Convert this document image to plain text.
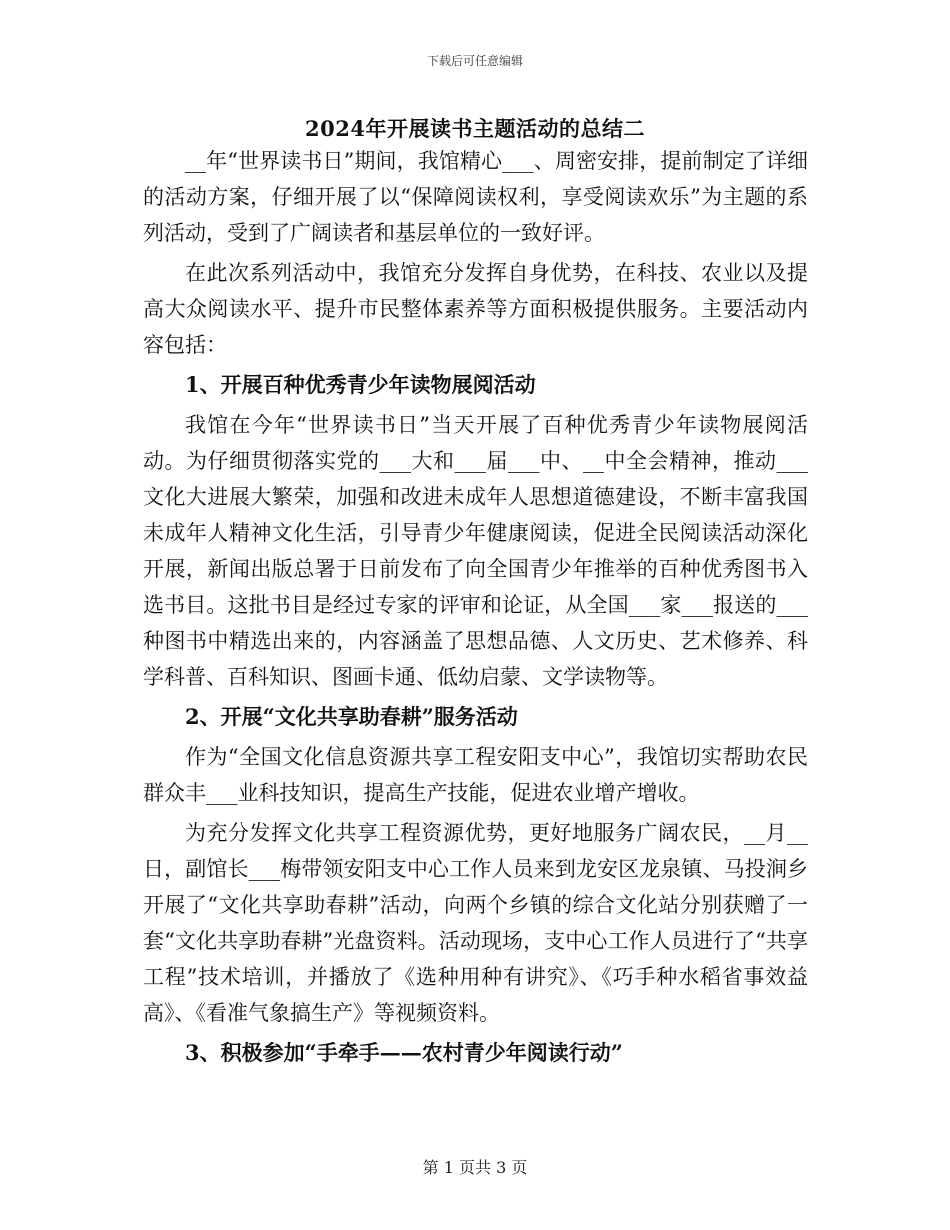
下载后可任意编辑
2024年开展读书主题活动的总结二

__年“世界读书日”期间，我馆精心___、周密安排，提前制定了详细的活动方案，仔细开展了以“保障阅读权利，享受阅读欢乐”为主题的系列活动，受到了广阔读者和基层单位的一致好评。

在此次系列活动中，我馆充分发挥自身优势，在科技、农业以及提高大众阅读水平、提升市民整体素养等方面积极提供服务。主要活动内容包括：

1、开展百种优秀青少年读物展阅活动

我馆在今年“世界读书日”当天开展了百种优秀青少年读物展阅活动。为仔细贯彻落实党的___大和___届___中、__中全会精神，推动___文化大进展大繁荣，加强和改进未成年人思想道德建设，不断丰富我国未成年人精神文化生活，引导青少年健康阅读，促进全民阅读活动深化开展，新闻出版总署于日前发布了向全国青少年推举的百种优秀图书入选书目。这批书目是经过专家的评审和论证，从全国___家___报送的___种图书中精选出来的，内容涵盖了思想品德、人文历史、艺术修养、科学科普、百科知识、图画卡通、低幼启蒙、文学读物等。

2、开展“文化共享助春耕”服务活动

作为“全国文化信息资源共享工程安阳支中心”，我馆切实帮助农民群众丰___业科技知识，提高生产技能，促进农业增产增收。

为充分发挥文化共享工程资源优势，更好地服务广阔农民，__月__日，副馆长___梅带领安阳支中心工作人员来到龙安区龙泉镇、马投涧乡开展了“文化共享助春耕”活动，向两个乡镇的综合文化站分别获赠了一套“文化共享助春耕”光盘资料。活动现场，支中心工作人员进行了“共享工程”技术培训，并播放了《选种用种有讲究》、《巧手种水稻省事效益高》、《看准气象搞生产》等视频资料。

3、积极参加“手牵手——农村青少年阅读行动”
第 1 页共 3 页
